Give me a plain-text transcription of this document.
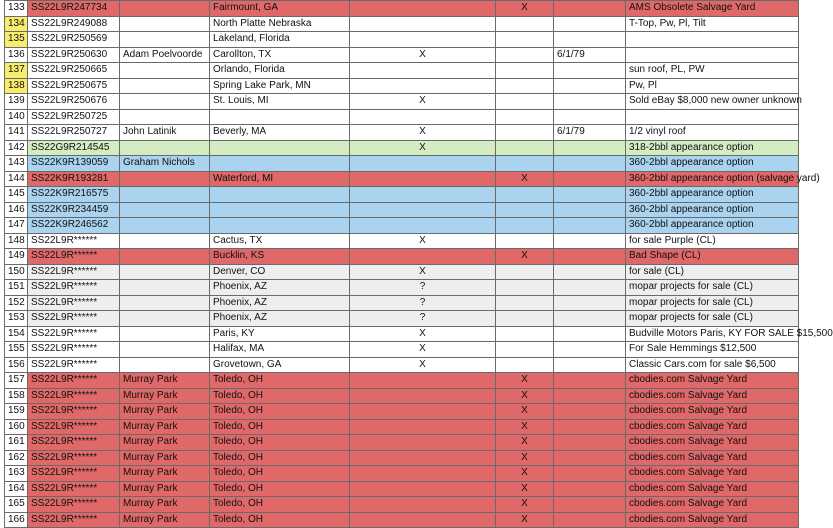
133	SS22L9R247734		Fairmount, GA		X		AMS Obsolete Salvage Yard
134	SS22L9R249088		North Platte Nebraska				T-Top, Pw, Pl, Tilt
135	SS22L9R250569		Lakeland, Florida				
136	SS22L9R250630	Adam Poelvoorde	Carollton, TX	X		6/1/79	
137	SS22L9R250665		Orlando, Florida				sun roof, PL, PW
138	SS22L9R250675		Spring Lake Park, MN				Pw, Pl
139	SS22L9R250676		St. Louis, MI	X			Sold eBay $8,000 new owner unknown
140	SS22L9R250725						
141	SS22L9R250727	John Latinik	Beverly, MA	X		6/1/79	1/2 vinyl roof
142	SS22G9R214545			X			318-2bbl appearance option
143	SS22K9R139059	Graham Nichols					360-2bbl appearance option
144	SS22K9R193281		Waterford, MI		X		360-2bbl appearance option (salvage yard)
145	SS22K9R216575						360-2bbl appearance option
146	SS22K9R234459						360-2bbl appearance option
147	SS22K9R246562						360-2bbl appearance option
148	SS22L9R******		Cactus, TX	X			for sale Purple (CL)
149	SS22L9R******		Bucklin, KS		X		Bad Shape (CL)
150	SS22L9R******		Denver, CO	X			for sale (CL)
151	SS22L9R******		Phoenix, AZ	?			mopar projects for sale (CL)
152	SS22L9R******		Phoenix, AZ	?			mopar projects for sale (CL)
153	SS22L9R******		Phoenix, AZ	?			mopar projects for sale (CL)
154	SS22L9R******		Paris, KY	X			Budville Motors Paris, KY FOR SALE $15,500
155	SS22L9R******		Halifax, MA	X			For Sale Hemmings $12,500
156	SS22L9R******		Grovetown, GA	X			Classic Cars.com for sale $6,500
157	SS22L9R******	Murray Park	Toledo, OH		X		cbodies.com Salvage Yard
158	SS22L9R******	Murray Park	Toledo, OH		X		cbodies.com Salvage Yard
159	SS22L9R******	Murray Park	Toledo, OH		X		cbodies.com Salvage Yard
160	SS22L9R******	Murray Park	Toledo, OH		X		cbodies.com Salvage Yard
161	SS22L9R******	Murray Park	Toledo, OH		X		cbodies.com Salvage Yard
162	SS22L9R******	Murray Park	Toledo, OH		X		cbodies.com Salvage Yard
163	SS22L9R******	Murray Park	Toledo, OH		X		cbodies.com Salvage Yard
164	SS22L9R******	Murray Park	Toledo, OH		X		cbodies.com Salvage Yard
165	SS22L9R******	Murray Park	Toledo, OH		X		cbodies.com Salvage Yard
166	SS22L9R******	Murray Park	Toledo, OH		X		cbodies.com Salvage Yard
